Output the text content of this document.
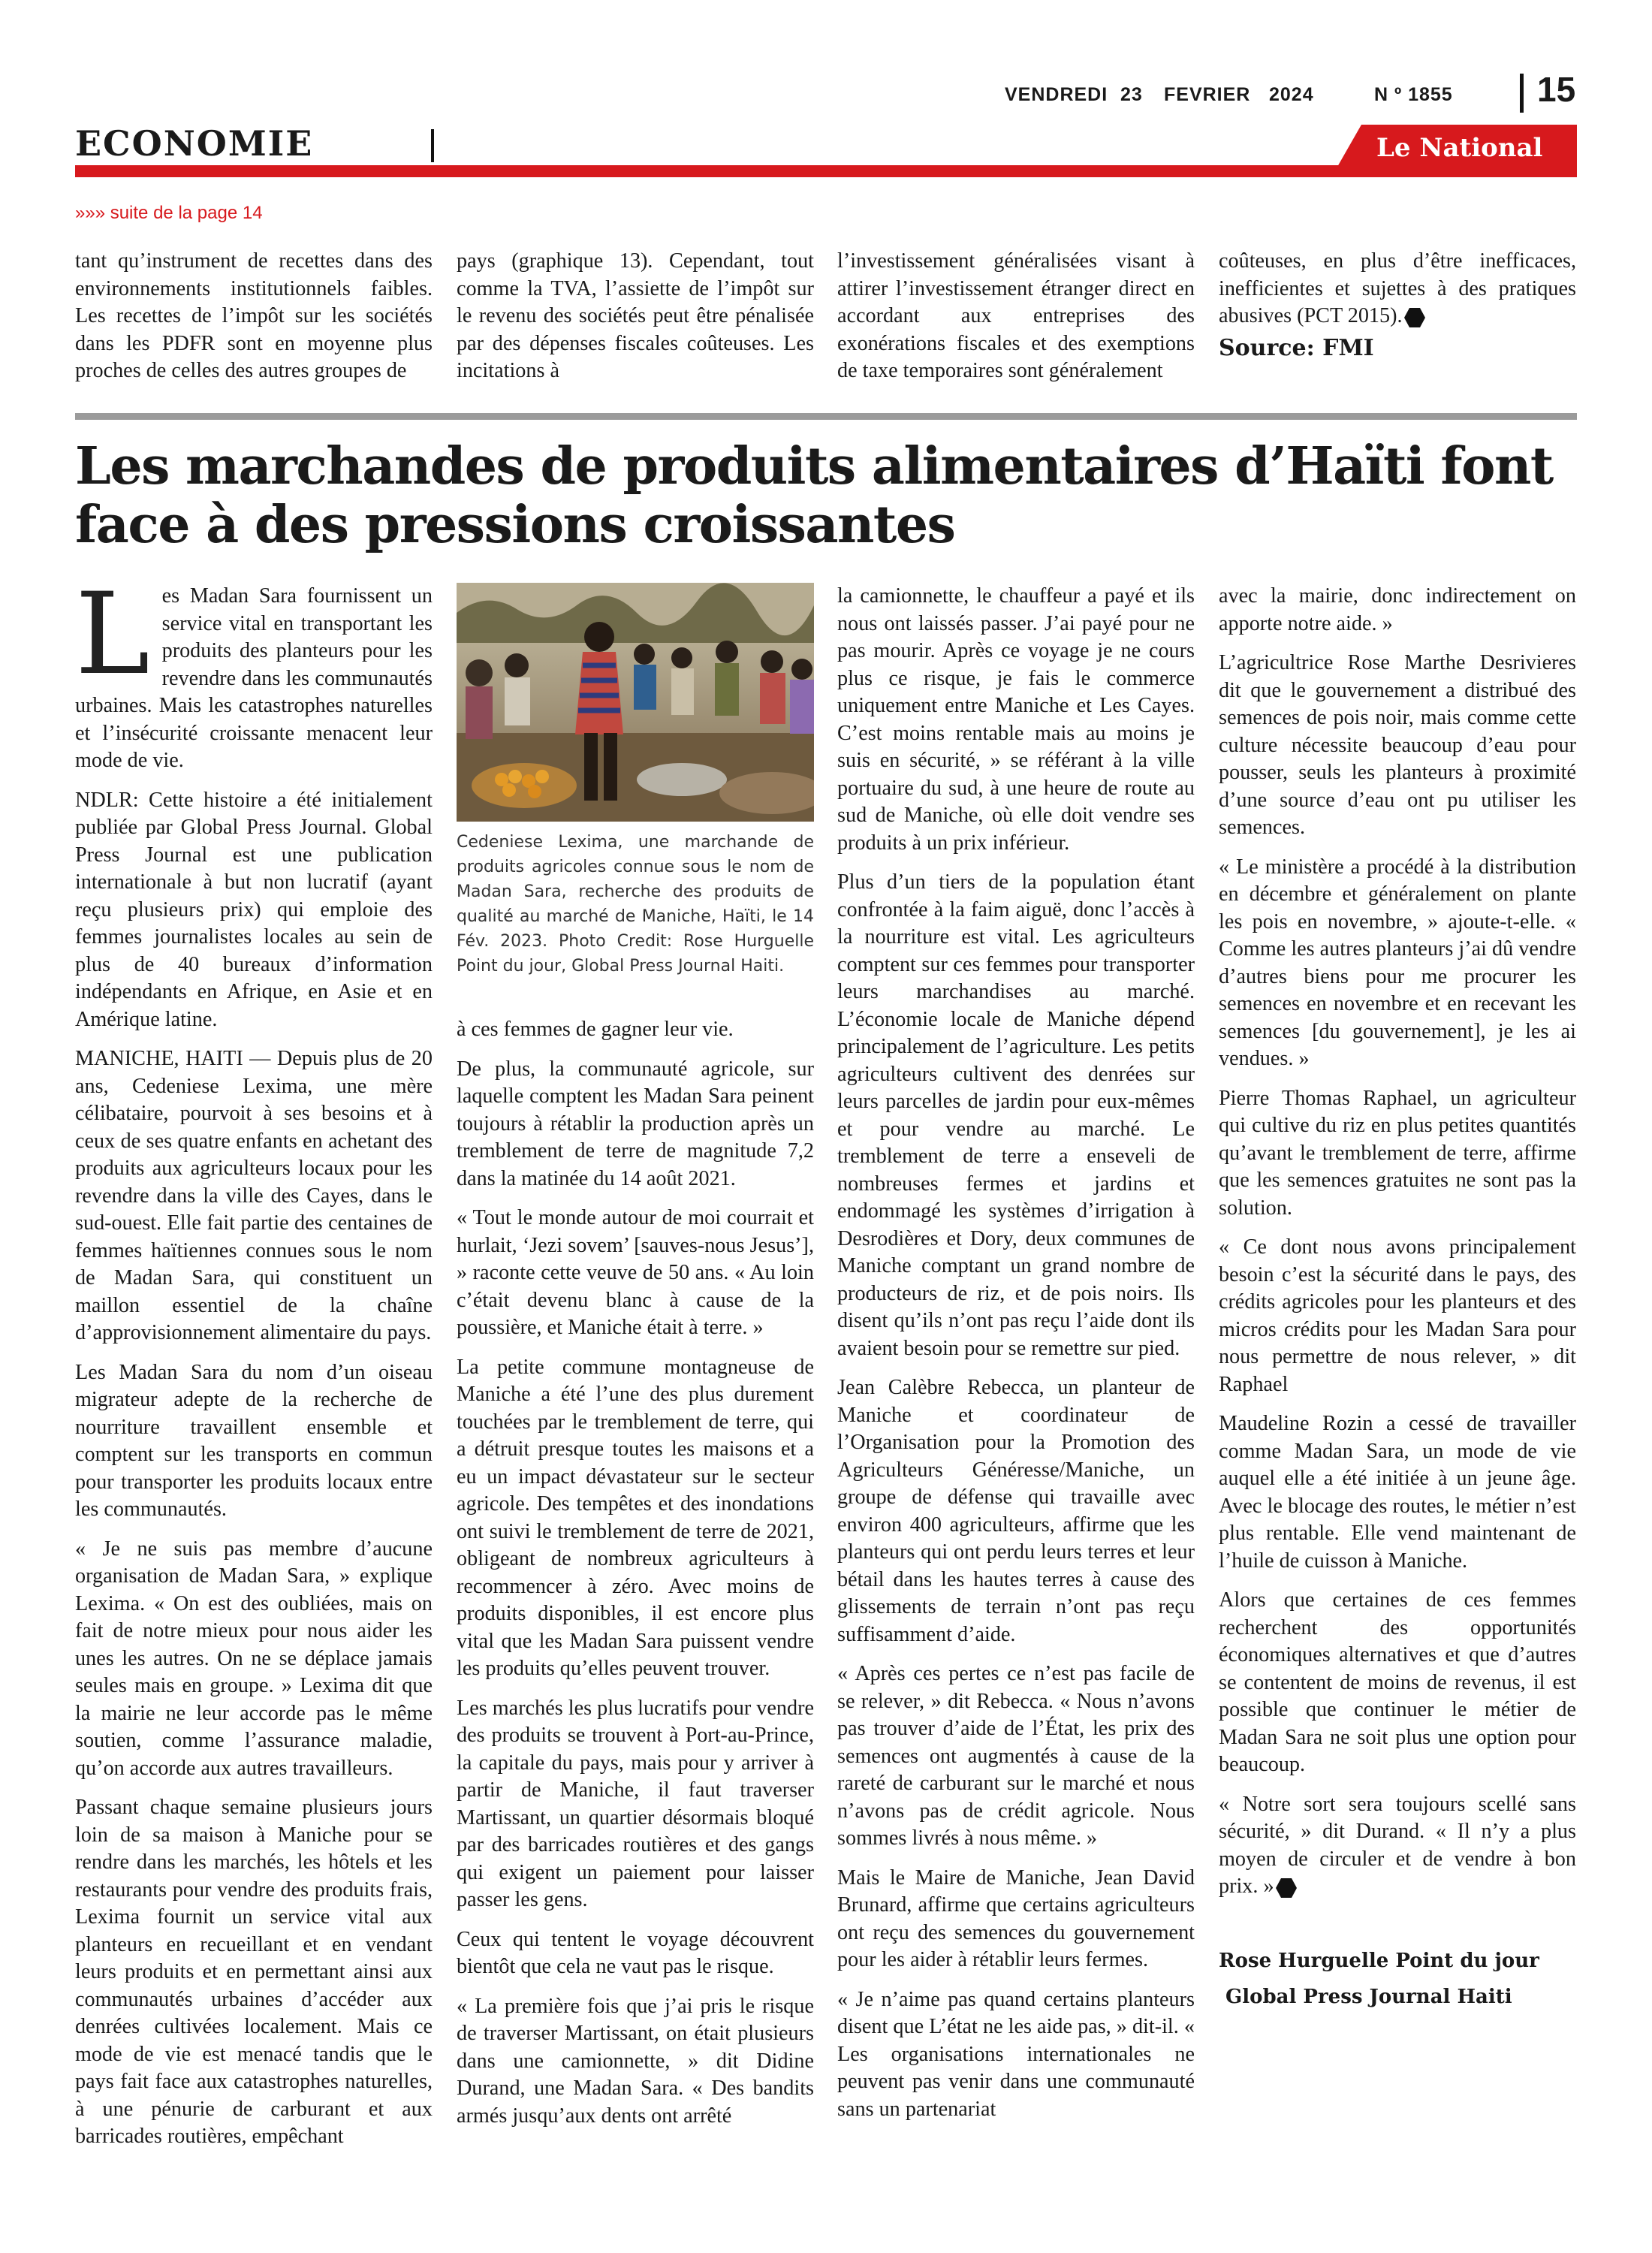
VENDREDI 23 FEVRIER 2024	N º 1855 15
ECONOMIE	Le National
»»» suite de la page 14

tant qu’instrument de recettes dans des environnements institutionnels faibles. Les recettes de l’impôt sur les sociétés dans les PDFR sont en moyenne plus proches de celles des autres groupes de

pays (graphique 13). Cependant, tout comme la TVA, l’assiette de l’impôt sur le revenu des sociétés peut être pénalisée par des dépenses fiscales coûteuses. Les incitations à

l’investissement généralisées visant à attirer l’investissement étranger direct en accordant aux entreprises des exonérations fiscales et des exemptions de taxe temporaires sont généralement

coûteuses, en plus d’être inefficaces, inefficientes et sujettes à des pratiques abusives (PCT 2015).

Source: FMI

Les marchandes de produits alimentaires d’Haïti font face à des pressions croissantes

Les Madan Sara fournissent un service vital en transportant les produits des planteurs pour les revendre dans les communautés urbaines. Mais les catastrophes naturelles et l’insécurité croissante menacent leur mode de vie.

NDLR: Cette histoire a été initialement publiée par Global Press Journal. Global Press Journal est une publication internationale à but non lucratif (ayant reçu plusieurs prix) qui emploie des femmes journalistes locales au sein de plus de 40 bureaux d’information indépendants en Afrique, en Asie et en Amérique latine.

MANICHE, HAITI — Depuis plus de 20 ans, Cedeniese Lexima, une mère célibataire, pourvoit à ses besoins et à ceux de ses quatre enfants en achetant des produits aux agriculteurs locaux pour les revendre dans la ville des Cayes, dans le sud-ouest. Elle fait partie des centaines de femmes haïtiennes connues sous le nom de Madan Sara, qui constituent un maillon essentiel de la chaîne d’approvisionnement alimentaire du pays.

Les Madan Sara du nom d’un oiseau migrateur adepte de la recherche de nourriture travaillent ensemble et comptent sur les transports en commun pour transporter les produits locaux entre les communautés.

« Je ne suis pas membre d’aucune organisation de Madan Sara, » explique Lexima. « On est des oubliées, mais on fait de notre mieux pour nous aider les unes les autres. On ne se déplace jamais seules mais en groupe. » Lexima dit que la mairie ne leur accorde pas le même soutien, comme l’assurance maladie, qu’on accorde aux autres travailleurs.

Passant chaque semaine plusieurs jours loin de sa maison à Maniche pour se rendre dans les marchés, les hôtels et les restaurants pour vendre des produits frais, Lexima fournit un service vital aux planteurs en recueillant et en vendant leurs produits et en permettant ainsi aux communautés urbaines d’accéder aux denrées cultivées localement. Mais ce mode de vie est menacé tandis que le pays fait face aux catastrophes naturelles, à une pénurie de carburant et aux barricades routières, empêchant

Cedeniese Lexima, une marchande de produits agricoles connue sous le nom de Madan Sara, recherche des produits de qualité au marché de Maniche, Haïti, le 14 Fév. 2023. Photo Credit: Rose Hurguelle Point du jour, Global Press Journal Haiti.

à ces femmes de gagner leur vie.

De plus, la communauté agricole, sur laquelle comptent les Madan Sara peinent toujours à rétablir la production après un tremblement de terre de magnitude 7,2 dans la matinée du 14 août 2021.

« Tout le monde autour de moi courrait et hurlait, ‘Jezi sovem’ [sauves-nous Jesus’], » raconte cette veuve de 50 ans. « Au loin c’était devenu blanc à cause de la poussière, et Maniche était à terre. »

La petite commune montagneuse de Maniche a été l’une des plus durement touchées par le tremblement de terre, qui a détruit presque toutes les maisons et a eu un impact dévastateur sur le secteur agricole. Des tempêtes et des inondations ont suivi le tremblement de terre de 2021, obligeant de nombreux agriculteurs à recommencer à zéro. Avec moins de produits disponibles, il est encore plus vital que les Madan Sara puissent vendre les produits qu’elles peuvent trouver.

Les marchés les plus lucratifs pour vendre des produits se trouvent à Port-au-Prince, la capitale du pays, mais pour y arriver à partir de Maniche, il faut traverser Martissant, un quartier désormais bloqué par des barricades routières et des gangs qui exigent un paiement pour laisser passer les gens.

Ceux qui tentent le voyage découvrent bientôt que cela ne vaut pas le risque.

« La première fois que j’ai pris le risque de traverser Martissant, on était plusieurs dans une camionnette, » dit Didine Durand, une Madan Sara. « Des bandits armés jusqu’aux dents ont arrêté

la camionnette, le chauffeur a payé et ils nous ont laissés passer. J’ai payé pour ne pas mourir. Après ce voyage je ne cours plus ce risque, je fais le commerce uniquement entre Maniche et Les Cayes. C’est moins rentable mais au moins je suis en sécurité, » se référant à la ville portuaire du sud, à une heure de route au sud de Maniche, où elle doit vendre ses produits à un prix inférieur.

Plus d’un tiers de la population étant confrontée à la faim aiguë, donc l’accès à la nourriture est vital. Les agriculteurs comptent sur ces femmes pour transporter leurs marchandises au marché. L’économie locale de Maniche dépend principalement de l’agriculture. Les petits agriculteurs cultivent des denrées sur leurs parcelles de jardin pour eux-mêmes et pour vendre au marché. Le tremblement de terre a enseveli de nombreuses fermes et jardins et endommagé les systèmes d’irrigation à Desrodières et Dory, deux communes de Maniche comptant un grand nombre de producteurs de riz, et de pois noirs. Ils disent qu’ils n’ont pas reçu l’aide dont ils avaient besoin pour se remettre sur pied.

Jean Calèbre Rebecca, un planteur de Maniche et coordinateur de l’Organisation pour la Promotion des Agriculteurs Généresse/Maniche, un groupe de défense qui travaille avec environ 400 agriculteurs, affirme que les planteurs qui ont perdu leurs terres et leur bétail dans les hautes terres à cause des glissements de terrain n’ont pas reçu suffisamment d’aide.

« Après ces pertes ce n’est pas facile de se relever, » dit Rebecca. « Nous n’avons pas trouver d’aide de l’État, les prix des semences ont augmentés à cause de la rareté de carburant sur le marché et nous n’avons pas de crédit agricole. Nous sommes livrés à nous même. »

Mais le Maire de Maniche, Jean David Brunard, affirme que certains agriculteurs ont reçu des semences du gouvernement pour les aider à rétablir leurs fermes.

« Je n’aime pas quand certains planteurs disent que L’état ne les aide pas, » dit-il. « Les organisations internationales ne peuvent pas venir dans une communauté sans un partenariat

avec la mairie, donc indirectement on apporte notre aide. »

L’agricultrice Rose Marthe Desrivieres dit que le gouvernement a distribué des semences de pois noir, mais comme cette culture nécessite beaucoup d’eau pour pousser, seuls les planteurs à proximité d’une source d’eau ont pu utiliser les semences.

« Le ministère a procédé à la distribution en décembre et généralement on plante les pois en novembre, » ajoute-t-elle. « Comme les autres planteurs j’ai dû vendre d’autres biens pour me procurer les semences en novembre et en recevant les semences [du gouvernement], je les ai vendues. »

Pierre Thomas Raphael, un agriculteur qui cultive du riz en plus petites quantités qu’avant le tremblement de terre, affirme que les semences gratuites ne sont pas la solution.

« Ce dont nous avons principalement besoin c’est la sécurité dans le pays, des crédits agricoles pour les planteurs et des micros crédits pour les Madan Sara pour nous permettre de nous relever, » dit Raphael

Maudeline Rozin a cessé de travailler comme Madan Sara, un mode de vie auquel elle a été initiée à un jeune âge. Avec le blocage des routes, le métier n’est plus rentable. Elle vend maintenant de l’huile de cuisson à Maniche.

Alors que certaines de ces femmes recherchent des opportunités économiques alternatives et que d’autres se contentent de moins de revenus, il est possible que continuer le métier de Madan Sara ne soit plus une option pour beaucoup.

« Notre sort sera toujours scellé sans sécurité, » dit Durand. « Il n’y a plus moyen de circuler et de vendre à bon prix. »

Rose Hurguelle Point du jour
Global Press Journal Haiti
